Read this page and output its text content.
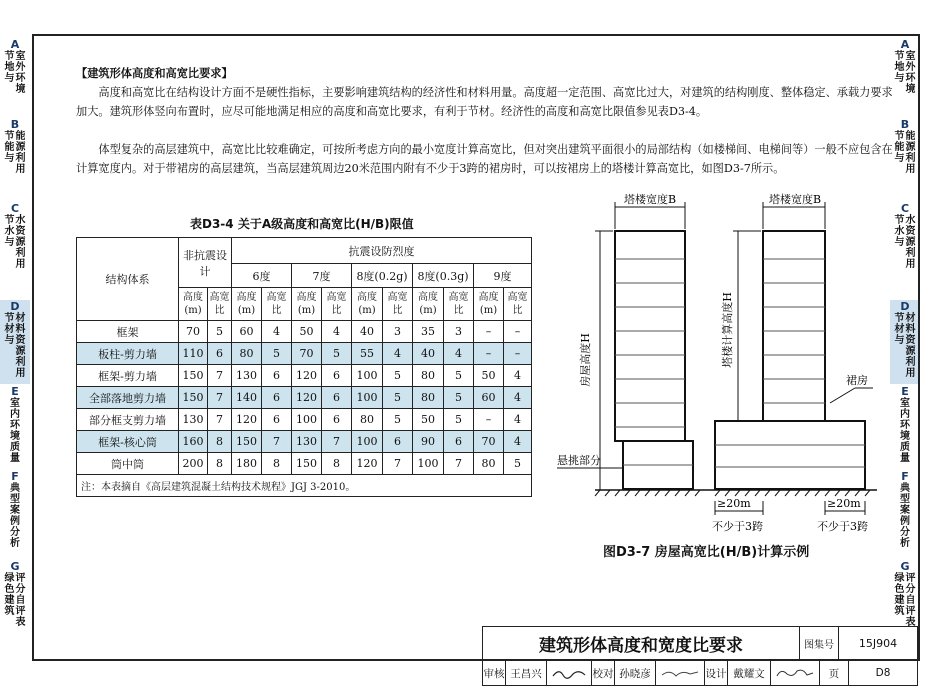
A
节
地
与
室
外
环
境
B
节
能
与
能
源
利
用
C
节
水
与
水
资
源
利
用
D
节
材
与
材
料
资
源
利
用
E
室
内
环
境
质
量
F
典
型
案
例
分
析
G
绿
色
建
筑
评
分
自
评
表
A
节
地
与
室
外
环
境
B
节
能
与
能
源
利
用
C
节
水
与
水
资
源
利
用
D
节
材
与
材
料
资
源
利
用
E
室
内
环
境
质
量
F
典
型
案
例
分
析
G
绿
色
建
筑
评
分
自
评
表
【建筑形体高度和高宽比要求】
高度和高宽比在结构设计方面不是硬性指标，主要影响建筑结构的经济性和材料用量。高度超一定范围、高宽比过大，对建筑的结构刚度、整体稳定、承载力要求加大。建筑形体竖向布置时，应尽可能地满足相应的高度和高宽比要求，有利于节材。经济性的高度和高宽比限值参见表D3-4。
体型复杂的高层建筑中，高宽比比较难确定，可按所考虑方向的最小宽度计算高宽比，但对突出建筑平面很小的局部结构（如楼梯间、电梯间等）一般不应包含在计算宽度内。对于带裙房的高层建筑，当高层建筑周边20米范围内附有不少于3跨的裙房时，可以按裙房上的塔楼计算高宽比，如图D3-7所示。
表D3-4 关于A级高度和高宽比(H/B)限值
结构体系	非抗震设计		抗震设防烈度									
			6度		7度		8度(0.2g)		8度(0.3g)		9度	
	高度(m)	高宽比	高度(m)	高宽比	高度(m)	高宽比	高度(m)	高宽比	高度(m)	高宽比	高度(m)	高宽比
框架	70	5	60	4	50	4	40	3	35	3	–	–
板柱-剪力墙	110	6	80	5	70	5	55	4	40	4	–	–
框架-剪力墙	150	7	130	6	120	6	100	5	80	5	50	4
全部落地剪力墙	150	7	140	6	120	6	100	5	80	5	60	4
部分框支剪力墙	130	7	120	6	100	6	80	5	50	5	–	4
框架-核心筒	160	8	150	7	130	7	100	6	90	6	70	4
筒中筒	200	8	180	8	150	8	120	7	100	7	80	5
注：本表摘自《高层建筑混凝土结构技术规程》JGJ 3-2010。												
塔楼宽度B
房屋高度H
悬挑部分
塔楼宽度B
塔楼计算高度H
裙房
≥20m	≥20m
不少于3跨	不少于3跨
图D3-7 房屋高宽比(H/B)计算示例
建筑形体高度和宽度比要求	图集号	15J904
审核 王昌兴	校对 孙晓彦	设计 戴耀文	页	D8
